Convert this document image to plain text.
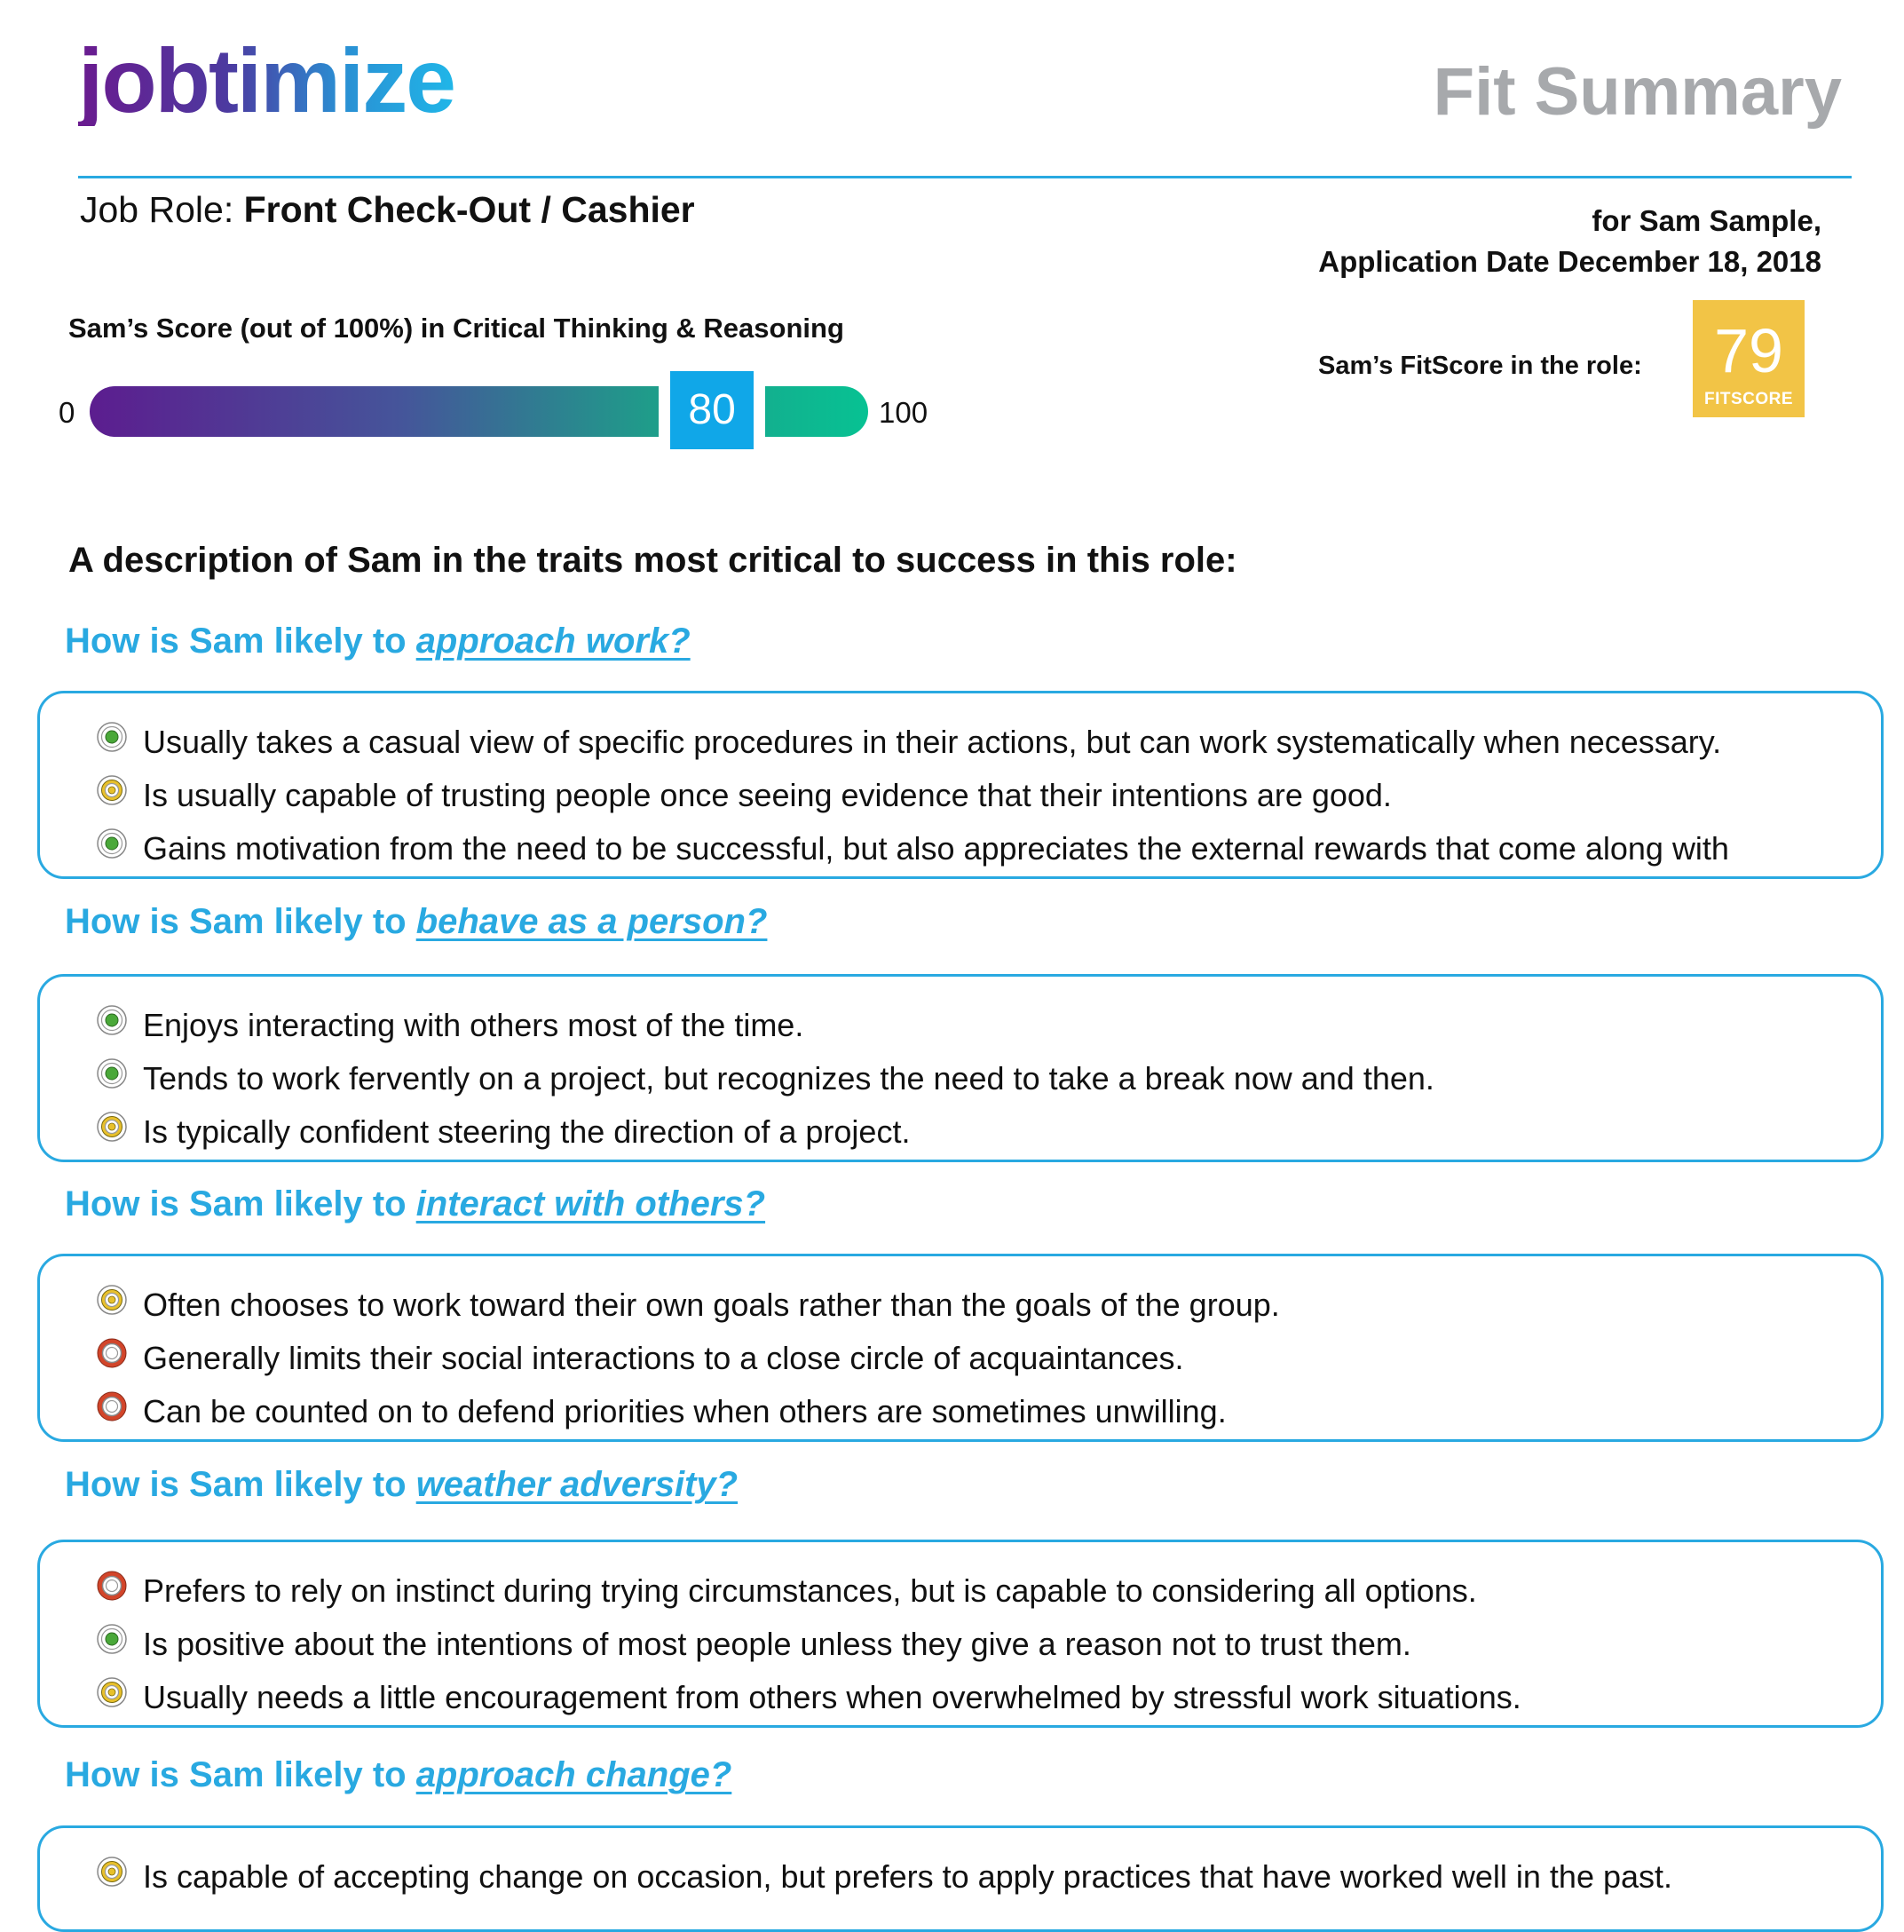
jobtimize	Fit Summary
Job Role: Front Check-Out / Cashier	for Sam Sample,
Application Date December 18, 2018
Sam’s Score (out of 100%) in Critical Thinking & Reasoning
0	80	100
Sam’s FitScore in the role:	79
FITSCORE
A description of Sam in the traits most critical to success in this role:
How is Sam likely to approach work?
Usually takes a casual view of specific procedures in their actions, but can work systematically when necessary.
Is usually capable of trusting people once seeing evidence that their intentions are good.
Gains motivation from the need to be successful, but also appreciates the external rewards that come along with
How is Sam likely to behave as a person?
Enjoys interacting with others most of the time.
Tends to work fervently on a project, but recognizes the need to take a break now and then.
Is typically confident steering the direction of a project.
How is Sam likely to interact with others?
Often chooses to work toward their own goals rather than the goals of the group.
Generally limits their social interactions to a close circle of acquaintances.
Can be counted on to defend priorities when others are sometimes unwilling.
How is Sam likely to weather adversity?
Prefers to rely on instinct during trying circumstances, but is capable to considering all options.
Is positive about the intentions of most people unless they give a reason not to trust them.
Usually needs a little encouragement from others when overwhelmed by stressful work situations.
How is Sam likely to approach change?
Is capable of accepting change on occasion, but prefers to apply practices that have worked well in the past.
